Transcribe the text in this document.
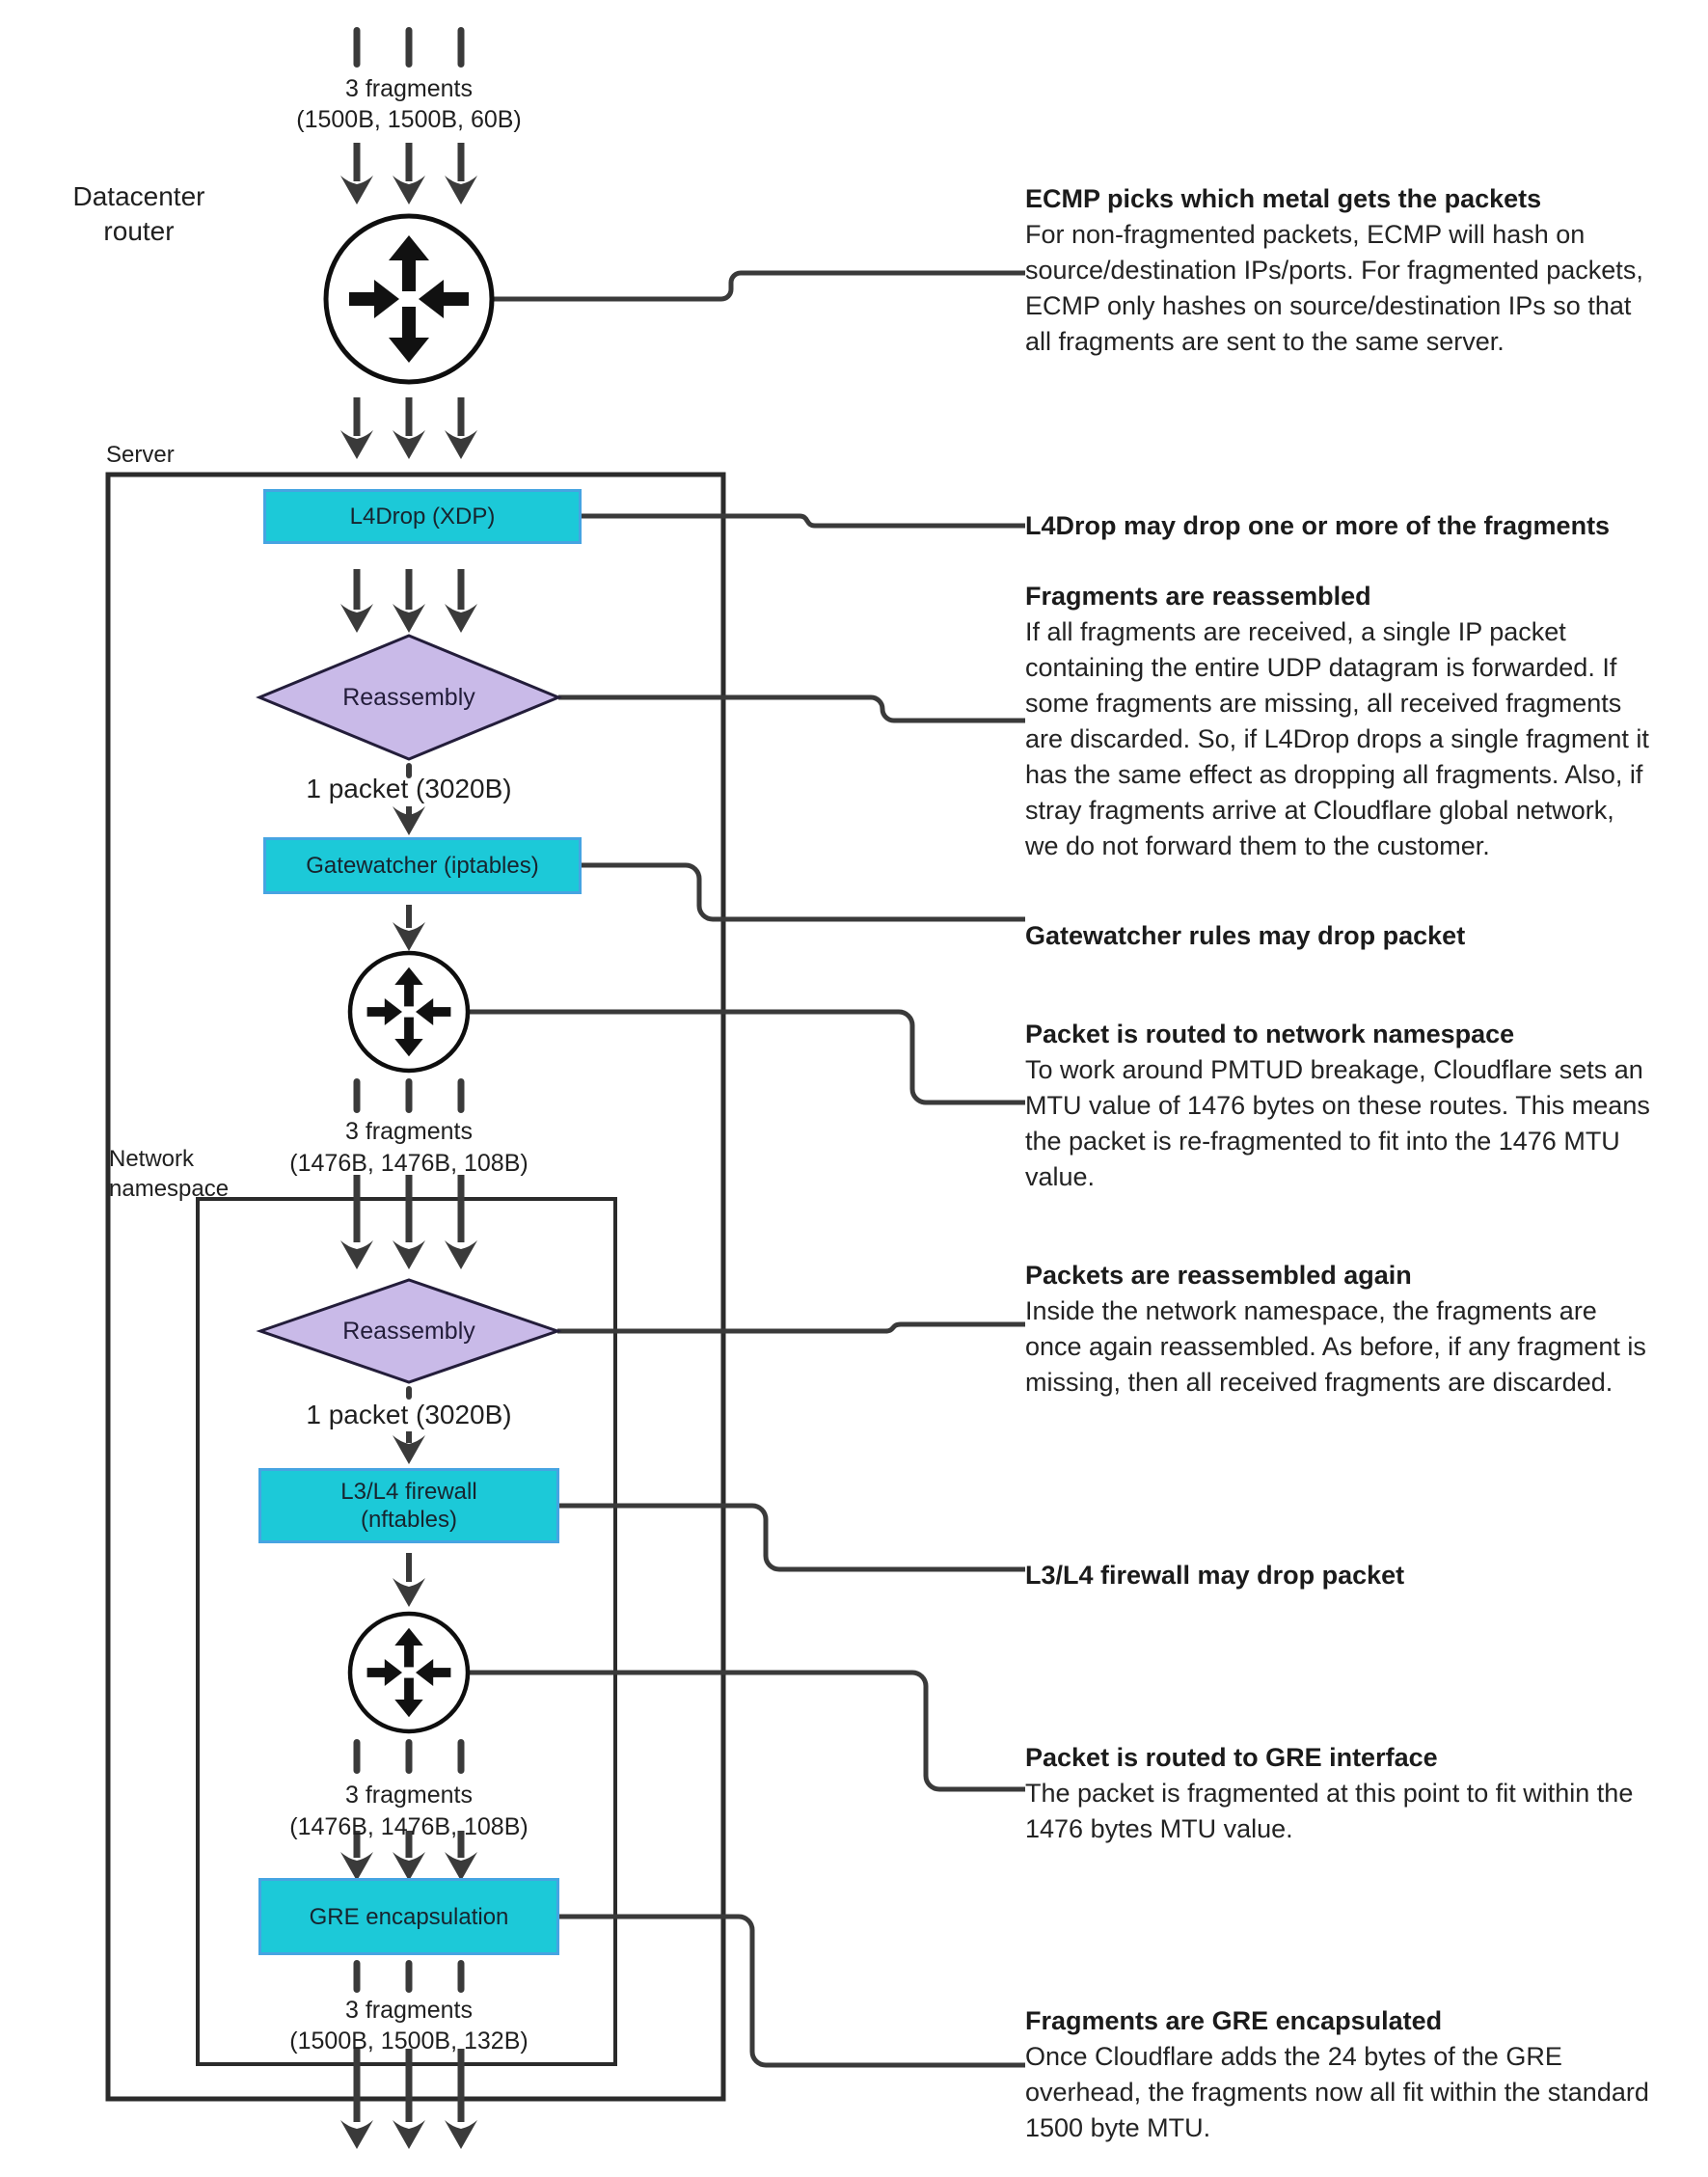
3 fragments
(1500B, 1500B, 60B)
Datacenter
router
Server
L4Drop (XDP)
Reassembly
1 packet (3020B)
Gatewatcher (iptables)
3 fragments
(1476B, 1476B, 108B)
Network
namespace
Reassembly
1 packet (3020B)
L3/L4 firewall
(nftables)
3 fragments
(1476B, 1476B, 108B)
GRE encapsulation
3 fragments
(1500B, 1500B, 132B)
ECMP picks which metal gets the packets

For non-fragmented packets, ECMP will hash on source/destination IPs/ports. For fragmented packets, ECMP only hashes on source/destination IPs so that all fragments are sent to the same server.

L4Drop may drop one or more of the fragments
Fragments are reassembled

If all fragments are received, a single IP packet containing the entire UDP datagram is forwarded. If some fragments are missing, all received fragments are discarded. So, if L4Drop drops a single fragment it has the same effect as dropping all fragments. Also, if stray fragments arrive at Cloudflare global network, we do not forward them to the customer.

Gatewatcher rules may drop packet
Packet is routed to network namespace

To work around PMTUD breakage, Cloudflare sets an MTU value of 1476 bytes on these routes. This means the packet is re-fragmented to fit into the 1476 MTU value.

Packets are reassembled again

Inside the network namespace, the fragments are once again reassembled. As before, if any fragment is missing, then all received fragments are discarded.

L3/L4 firewall may drop packet
Packet is routed to GRE interface

The packet is fragmented at this point to fit within the 1476 bytes MTU value.

Fragments are GRE encapsulated

Once Cloudflare adds the 24 bytes of the GRE overhead, the fragments now all fit within the standard 1500 byte MTU.
